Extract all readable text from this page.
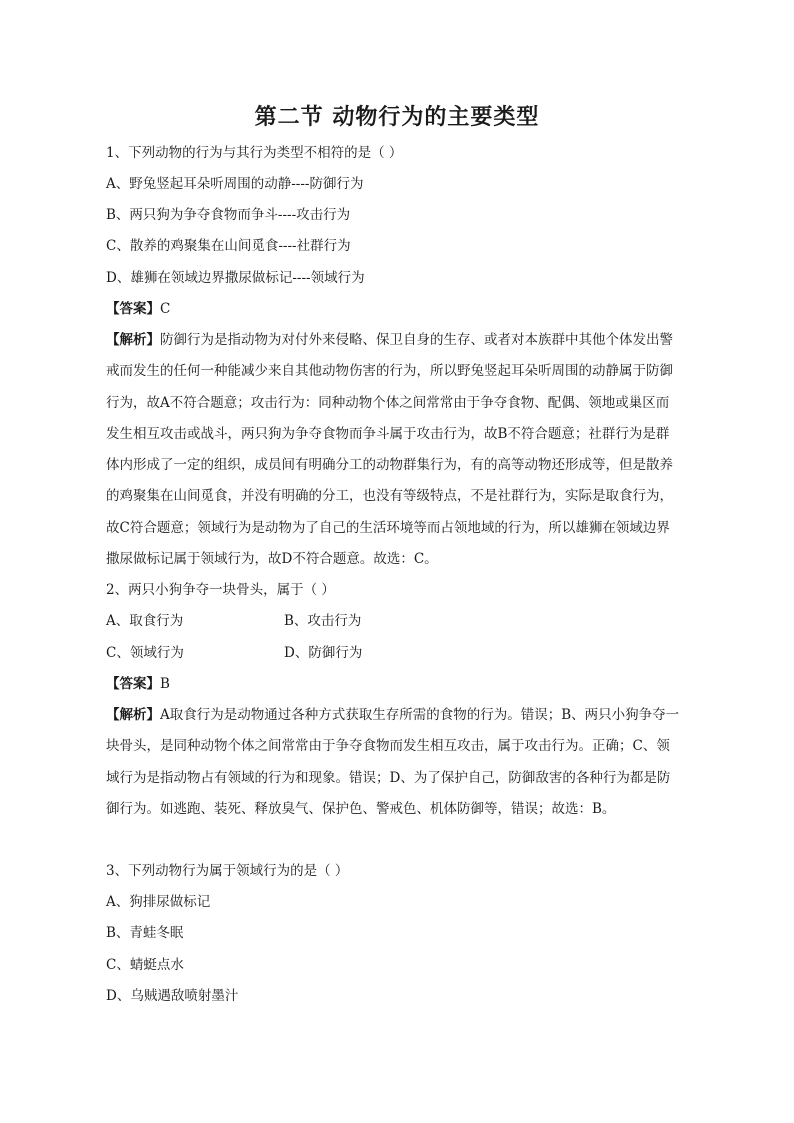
第二节 动物行为的主要类型
1、下列动物的行为与其行为类型不相符的是（ ）
A、野兔竖起耳朵听周围的动静----防御行为
B、两只狗为争夺食物而争斗----攻击行为
C、散养的鸡聚集在山间觅食----社群行为
D、雄狮在领域边界撒尿做标记----领域行为
【答案】C
【解析】防御行为是指动物为对付外来侵略、保卫自身的生存、或者对本族群中其他个体发出警戒而发生的任何一种能减少来自其他动物伤害的行为，所以野兔竖起耳朵听周围的动静属于防御行为，故A不符合题意；攻击行为：同种动物个体之间常常由于争夺食物、配偶、领地或巢区而发生相互攻击或战斗，两只狗为争夺食物而争斗属于攻击行为，故B不符合题意；社群行为是群体内形成了一定的组织，成员间有明确分工的动物群集行为，有的高等动物还形成等，但是散养的鸡聚集在山间觅食，并没有明确的分工，也没有等级特点，不是社群行为，实际是取食行为，故C符合题意；领域行为是动物为了自己的生活环境等而占领地域的行为，所以雄狮在领域边界撒尿做标记属于领域行为，故D不符合题意。故选：C。
2、两只小狗争夺一块骨头，属于（ ）
A、取食行为	B、攻击行为
C、领域行为	D、防御行为
【答案】B
【解析】A取食行为是动物通过各种方式获取生存所需的食物的行为。错误；B、两只小狗争夺一块骨头，是同种动物个体之间常常由于争夺食物而发生相互攻击，属于攻击行为。正确；C、领域行为是指动物占有领域的行为和现象。错误；D、为了保护自己，防御敌害的各种行为都是防御行为。如逃跑、装死、释放臭气、保护色、警戒色、机体防御等，错误；故选：B。
3、下列动物行为属于领域行为的是（ ）
A、狗排尿做标记
B、青蛙冬眠
C、蜻蜓点水
D、乌贼遇敌喷射墨汁
